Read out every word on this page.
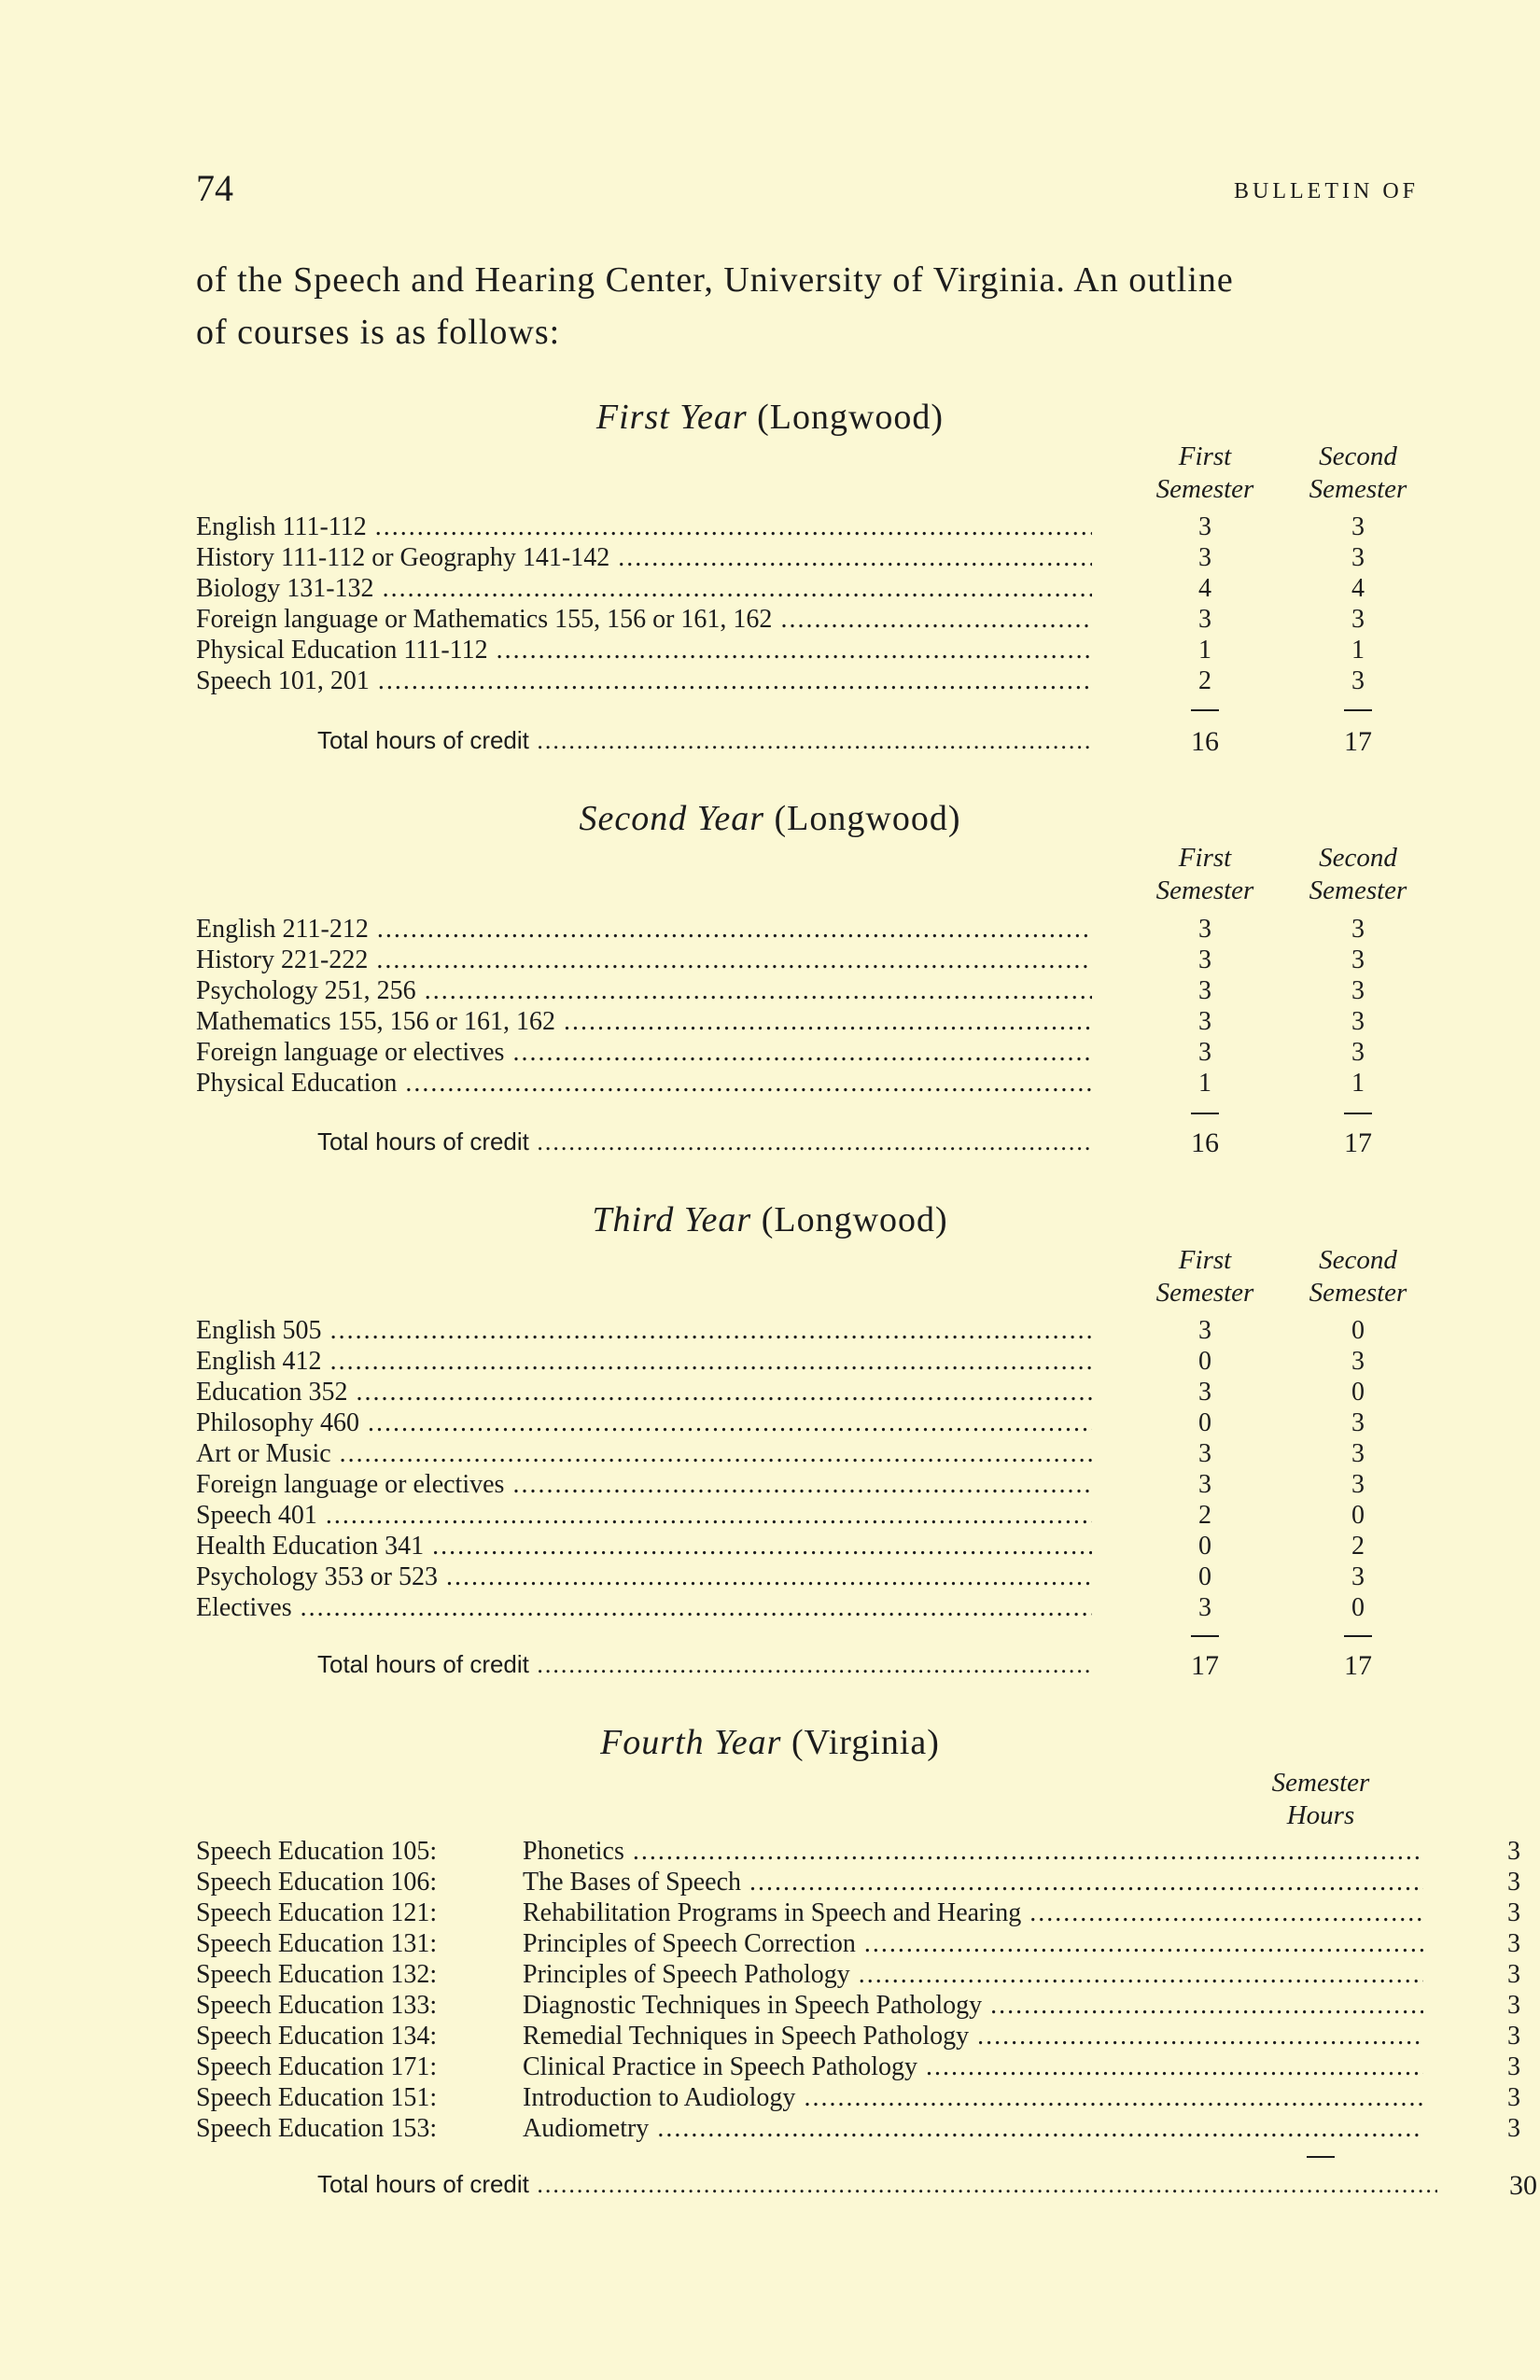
74	BULLETIN OF
of the Speech and Hearing Center, University of Virginia. An outline
of courses is as follows:
First Year (Longwood)
First
Semester
Second
Semester
English 111-112 .....	3	3
History 111-112 or Geography 141-142 .....	3	3
Biology 131-132 .....	4	4
Foreign language or Mathematics 155, 156 or 161, 162 .....	3	3
Physical Education 111-112 .....	1	1
Speech 101, 201 .....	2	3
Total hours of credit .....	16	17
Second Year (Longwood)
First
Semester
Second
Semester
English 211-212 .....	3	3
History 221-222 .....	3	3
Psychology 251, 256 .....	3	3
Mathematics 155, 156 or 161, 162 .....	3	3
Foreign language or electives .....	3	3
Physical Education .....	1	1
Total hours of credit .....	16	17
Third Year (Longwood)
First
Semester
Second
Semester
English 505 .....	3	0
English 412 .....	0	3
Education 352 .....	3	0
Philosophy 460 .....	0	3
Art or Music .....	3	3
Foreign language or electives .....	3	3
Speech 401 .....	2	0
Health Education 341 .....	0	2
Psychology 353 or 523 .....	0	3
Electives .....	3	0
Total hours of credit .....	17	17
Fourth Year (Virginia)
Semester
Hours
Speech Education 105:	Phonetics .....	3
Speech Education 106:	The Bases of Speech .....	3
Speech Education 121:	Rehabilitation Programs in Speech and Hearing .....	3
Speech Education 131:	Principles of Speech Correction .....	3
Speech Education 132:	Principles of Speech Pathology .....	3
Speech Education 133:	Diagnostic Techniques in Speech Pathology .....	3
Speech Education 134:	Remedial Techniques in Speech Pathology .....	3
Speech Education 171:	Clinical Practice in Speech Pathology .....	3
Speech Education 151:	Introduction to Audiology .....	3
Speech Education 153:	Audiometry .....	3
Total hours of credit .....	30
